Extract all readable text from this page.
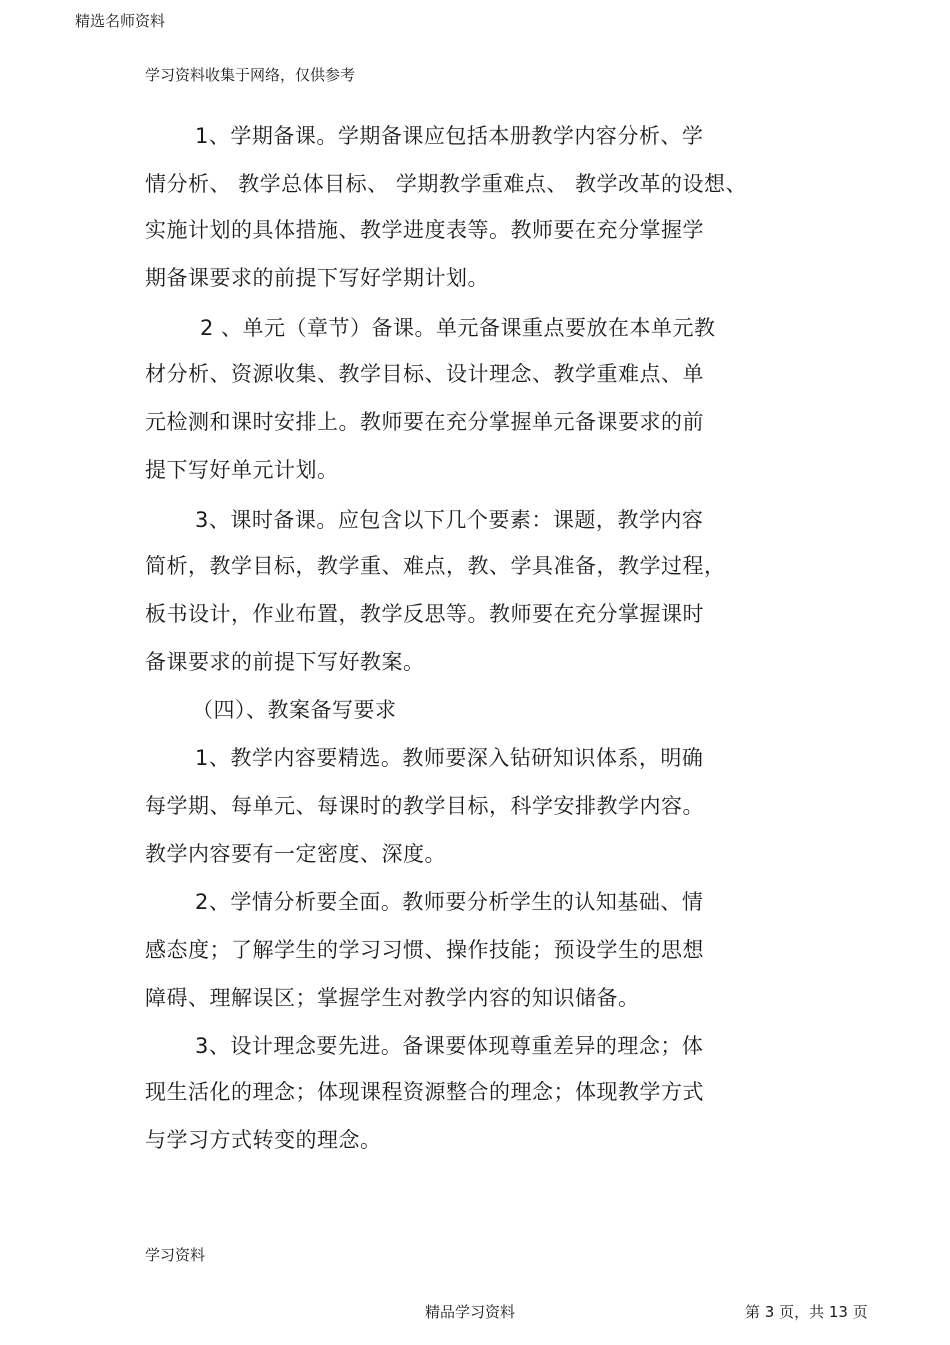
精选名师资料
学习资料收集于网络，仅供参考
1、学期备课。学期备课应包括本册教学内容分析、学
情分析、 教学总体目标、 学期教学重难点、 教学改革的设想、
实施计划的具体措施、教学进度表等。教师要在充分掌握学
期备课要求的前提下写好学期计划。
2 、单元（章节）备课。单元备课重点要放在本单元教
材分析、资源收集、教学目标、设计理念、教学重难点、单
元检测和课时安排上。教师要在充分掌握单元备课要求的前
提下写好单元计划。
3、课时备课。应包含以下几个要素：课题，教学内容
简析，教学目标，教学重、难点，教、学具准备，教学过程，
板书设计，作业布置，教学反思等。教师要在充分掌握课时
备课要求的前提下写好教案。
（四）、教案备写要求
1、教学内容要精选。教师要深入钻研知识体系，明确
每学期、每单元、每课时的教学目标，科学安排教学内容。
教学内容要有一定密度、深度。
2、学情分析要全面。教师要分析学生的认知基础、情
感态度；了解学生的学习习惯、操作技能；预设学生的思想
障碍、理解误区；掌握学生对教学内容的知识储备。
3、设计理念要先进。备课要体现尊重差异的理念；体
现生活化的理念；体现课程资源整合的理念；体现教学方式
与学习方式转变的理念。
学习资料
精品学习资料	第 3 页，共 13 页
